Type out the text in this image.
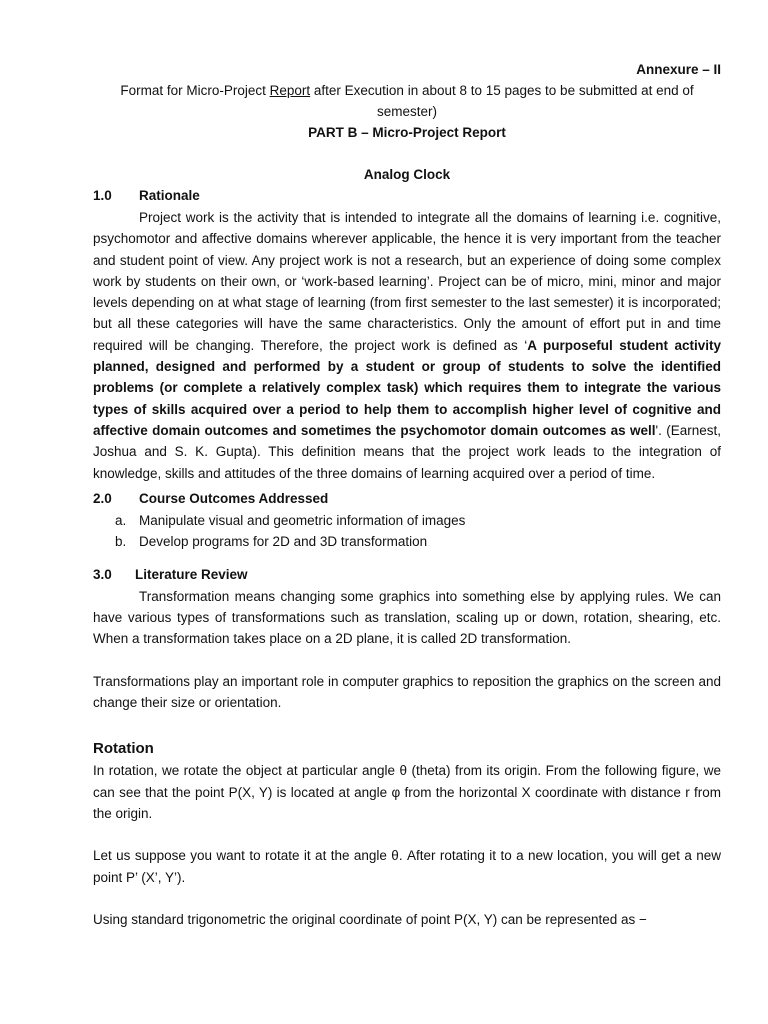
Annexure – II
Format for Micro-Project Report after Execution in about 8 to 15 pages to be submitted at end of semester)
PART B – Micro-Project Report
Analog Clock
1.0	Rationale

Project work is the activity that is intended to integrate all the domains of learning i.e. cognitive, psychomotor and affective domains wherever applicable, the hence it is very important from the teacher and student point of view. Any project work is not a research, but an experience of doing some complex work by students on their own, or ‘work-based learning’. Project can be of micro, mini, minor and major levels depending on at what stage of learning (from first semester to the last semester) it is incorporated; but all these categories will have the same characteristics. Only the amount of effort put in and time required will be changing. Therefore, the project work is defined as ‘A purposeful student activity planned, designed and performed by a student or group of students to solve the identified problems (or complete a relatively complex task) which requires them to integrate the various types of skills acquired over a period to help them to accomplish higher level of cognitive and affective domain outcomes and sometimes the psychomotor domain outcomes as well'. (Earnest, Joshua and S. K. Gupta). This definition means that the project work leads to the integration of knowledge, skills and attitudes of the three domains of learning acquired over a period of time.

2.0	Course Outcomes Addressed
a. Manipulate visual and geometric information of images
b. Develop programs for 2D and 3D transformation
3.0	Literature Review

Transformation means changing some graphics into something else by applying rules. We can have various types of transformations such as translation, scaling up or down, rotation, shearing, etc. When a transformation takes place on a 2D plane, it is called 2D transformation.

Transformations play an important role in computer graphics to reposition the graphics on the screen and change their size or orientation.

Rotation

In rotation, we rotate the object at particular angle θ (theta) from its origin. From the following figure, we can see that the point P(X, Y) is located at angle φ from the horizontal X coordinate with distance r from the origin.

Let us suppose you want to rotate it at the angle θ. After rotating it to a new location, you will get a new point P’ (X’, Y’).

Using standard trigonometric the original coordinate of point P(X, Y) can be represented as −
